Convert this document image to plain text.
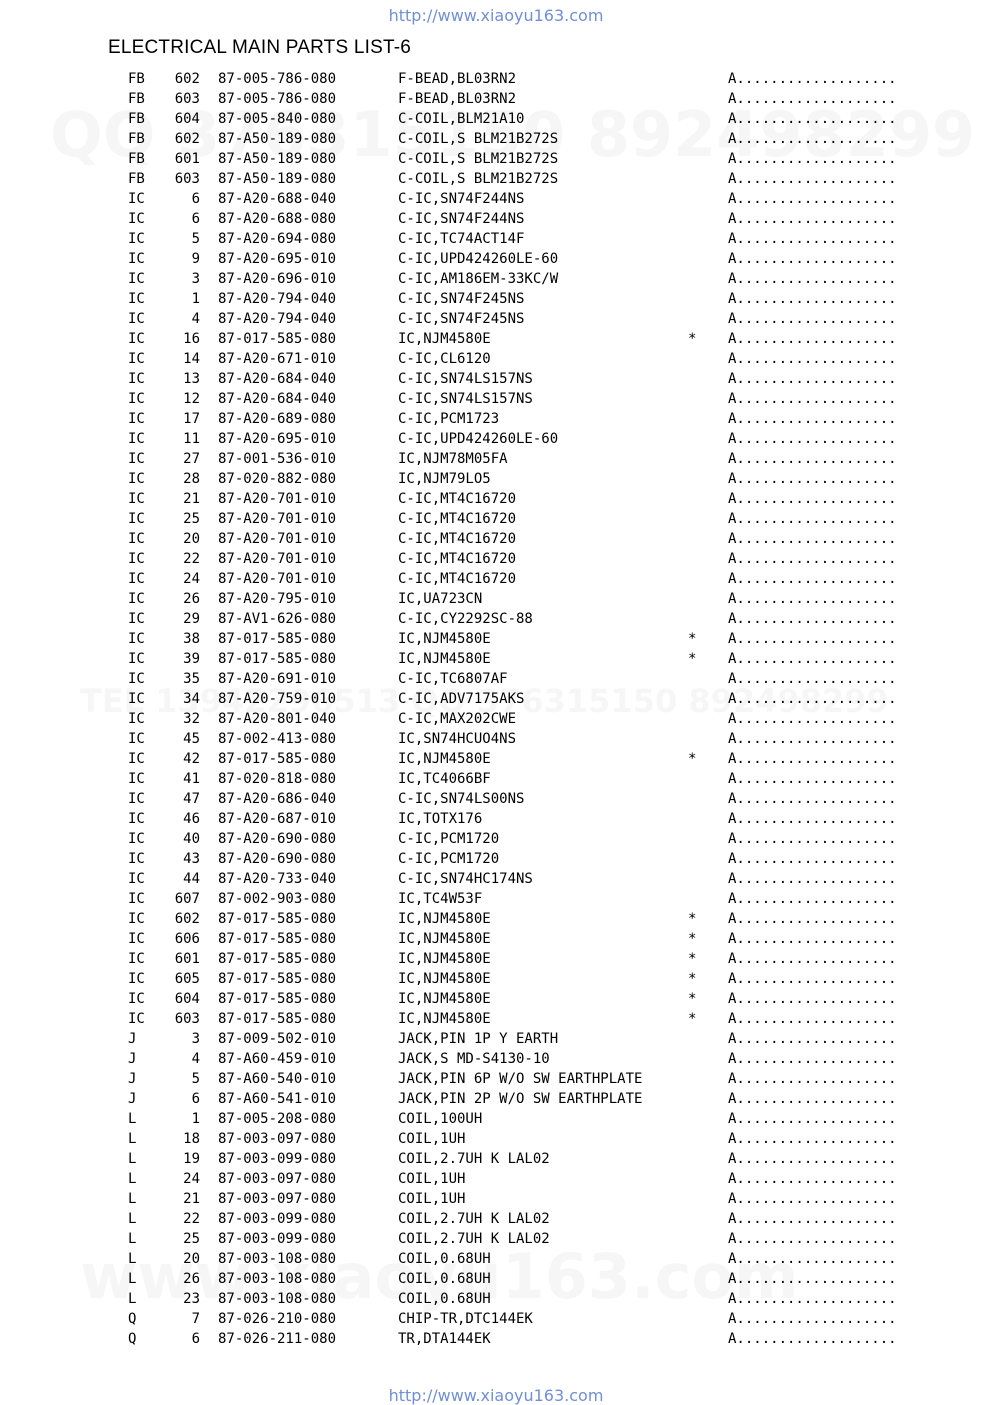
http://www.xiaoyu163.com
ELECTRICAL MAIN PARTS LIST-6
FB	602 87-005-786-080	F-BEAD,BL03RN2	A...................
FB	603 87-005-786-080	F-BEAD,BL03RN2	A...................
FB	604 87-005-840-080	C-COIL,BLM21A10	A...................
FB	602 87-A50-189-080	C-COIL,S BLM21B272S	A...................
FB	601 87-A50-189-080	C-COIL,S BLM21B272S	A...................
FB	603 87-A50-189-080	C-COIL,S BLM21B272S	A...................
IC	6 87-A20-688-040	C-IC,SN74F244NS	A...................
IC	6 87-A20-688-080	C-IC,SN74F244NS	A...................
IC	5 87-A20-694-080	C-IC,TC74ACT14F	A...................
IC	9 87-A20-695-010	C-IC,UPD424260LE-60	A...................
IC	3 87-A20-696-010	C-IC,AM186EM-33KC/W	A...................
IC	1 87-A20-794-040	C-IC,SN74F245NS	A...................
IC	4 87-A20-794-040	C-IC,SN74F245NS	A...................
IC	16 87-017-585-080	IC,NJM4580E	* A...................
IC	14 87-A20-671-010	C-IC,CL6120	A...................
IC	13 87-A20-684-040	C-IC,SN74LS157NS	A...................
IC	12 87-A20-684-040	C-IC,SN74LS157NS	A...................
IC	17 87-A20-689-080	C-IC,PCM1723	A...................
IC	11 87-A20-695-010	C-IC,UPD424260LE-60	A...................
IC	27 87-001-536-010	IC,NJM78M05FA	A...................
IC	28 87-020-882-080	IC,NJM79LO5	A...................
IC	21 87-A20-701-010	C-IC,MT4C16720	A...................
IC	25 87-A20-701-010	C-IC,MT4C16720	A...................
IC	20 87-A20-701-010	C-IC,MT4C16720	A...................
IC	22 87-A20-701-010	C-IC,MT4C16720	A...................
IC	24 87-A20-701-010	C-IC,MT4C16720	A...................
IC	26 87-A20-795-010	IC,UA723CN	A...................
IC	29 87-AV1-626-080	C-IC,CY2292SC-88	A...................
IC	38 87-017-585-080	IC,NJM4580E	* A...................
IC	39 87-017-585-080	IC,NJM4580E	* A...................
IC	35 87-A20-691-010	C-IC,TC6807AF	A...................
IC	34 87-A20-759-010	C-IC,ADV7175AKS	A...................
IC	32 87-A20-801-040	C-IC,MAX202CWE	A...................
IC	45 87-002-413-080	IC,SN74HCUO4NS	A...................
IC	42 87-017-585-080	IC,NJM4580E	* A...................
IC	41 87-020-818-080	IC,TC4066BF	A...................
IC	47 87-A20-686-040	C-IC,SN74LS00NS	A...................
IC	46 87-A20-687-010	IC,TOTX176	A...................
IC	40 87-A20-690-080	C-IC,PCM1720	A...................
IC	43 87-A20-690-080	C-IC,PCM1720	A...................
IC	44 87-A20-733-040	C-IC,SN74HC174NS	A...................
IC	607 87-002-903-080	IC,TC4W53F	A...................
IC	602 87-017-585-080	IC,NJM4580E	* A...................
IC	606 87-017-585-080	IC,NJM4580E	* A...................
IC	601 87-017-585-080	IC,NJM4580E	* A...................
IC	605 87-017-585-080	IC,NJM4580E	* A...................
IC	604 87-017-585-080	IC,NJM4580E	* A...................
IC	603 87-017-585-080	IC,NJM4580E	* A...................
J	3 87-009-502-010	JACK,PIN 1P Y EARTH	A...................
J	4 87-A60-459-010	JACK,S MD-S4130-10	A...................
J	5 87-A60-540-010	JACK,PIN 6P W/O SW EARTHPLATE	A...................
J	6 87-A60-541-010	JACK,PIN 2P W/O SW EARTHPLATE	A...................
L	1 87-005-208-080	COIL,100UH	A...................
L	18 87-003-097-080	COIL,1UH	A...................
L	19 87-003-099-080	COIL,2.7UH K LAL02	A...................
L	24 87-003-097-080	COIL,1UH	A...................
L	21 87-003-097-080	COIL,1UH	A...................
L	22 87-003-099-080	COIL,2.7UH K LAL02	A...................
L	25 87-003-099-080	COIL,2.7UH K LAL02	A...................
L	20 87-003-108-080	COIL,0.68UH	A...................
L	26 87-003-108-080	COIL,0.68UH	A...................
L	23 87-003-108-080	COIL,0.68UH	A...................
Q	7 87-026-210-080	CHIP-TR,DTC144EK	A...................
Q	6 87-026-211-080	TR,DTA144EK	A...................
http://www.xiaoyu163.com
